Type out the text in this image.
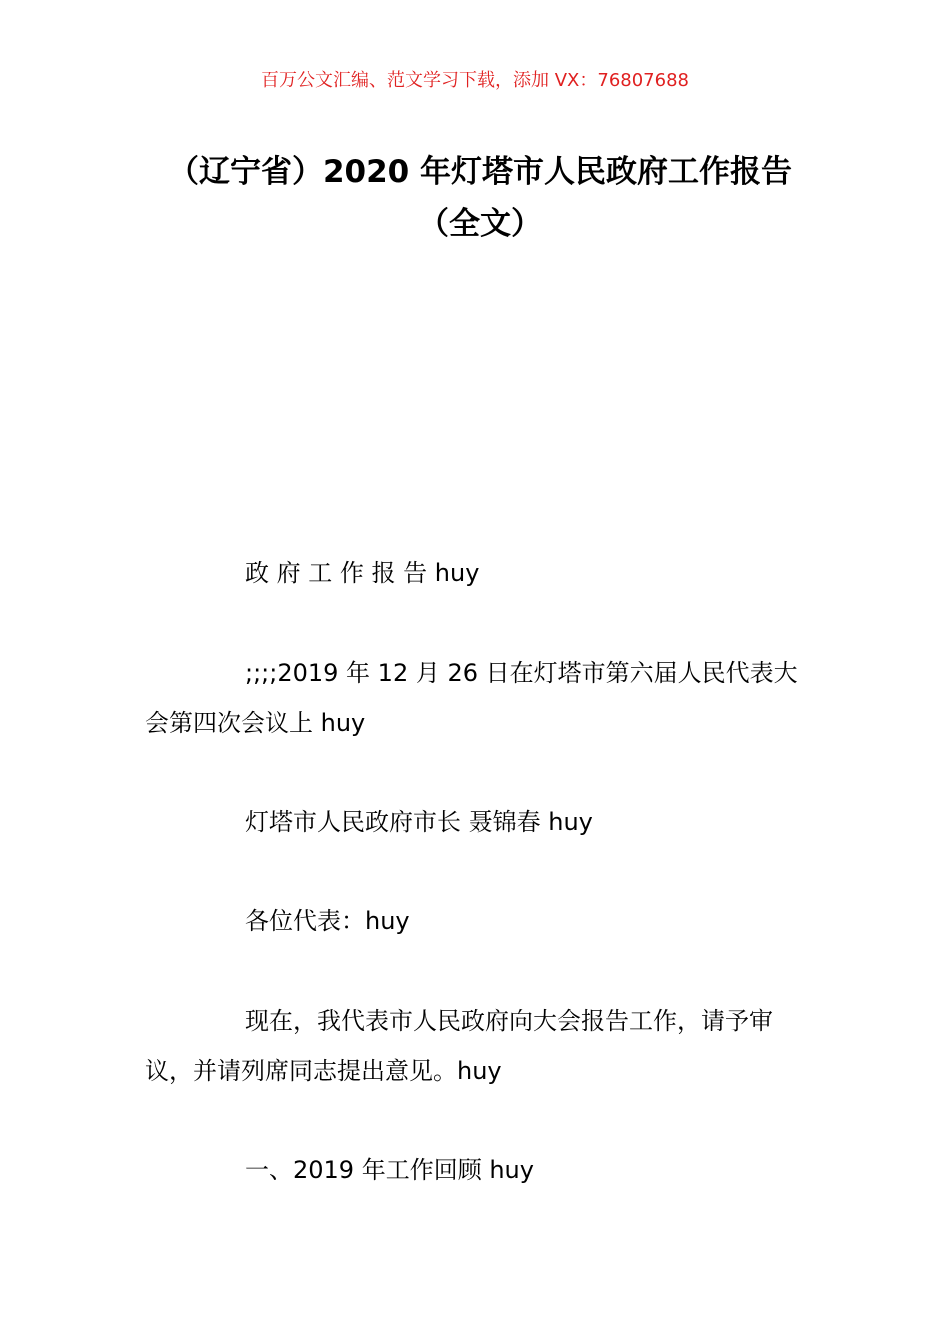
百万公文汇编、范文学习下载，添加 VX：76807688
（辽宁省）2020 年灯塔市人民政府工作报告（全文）

政 府 工 作 报 告 huy

;;;;2019 年 12 月 26 日在灯塔市第六届人民代表大会第四次会议上 huy

灯塔市人民政府市长 聂锦春 huy

各位代表：huy

现在，我代表市人民政府向大会报告工作，请予审议，并请列席同志提出意见。huy

一、2019 年工作回顾 huy
